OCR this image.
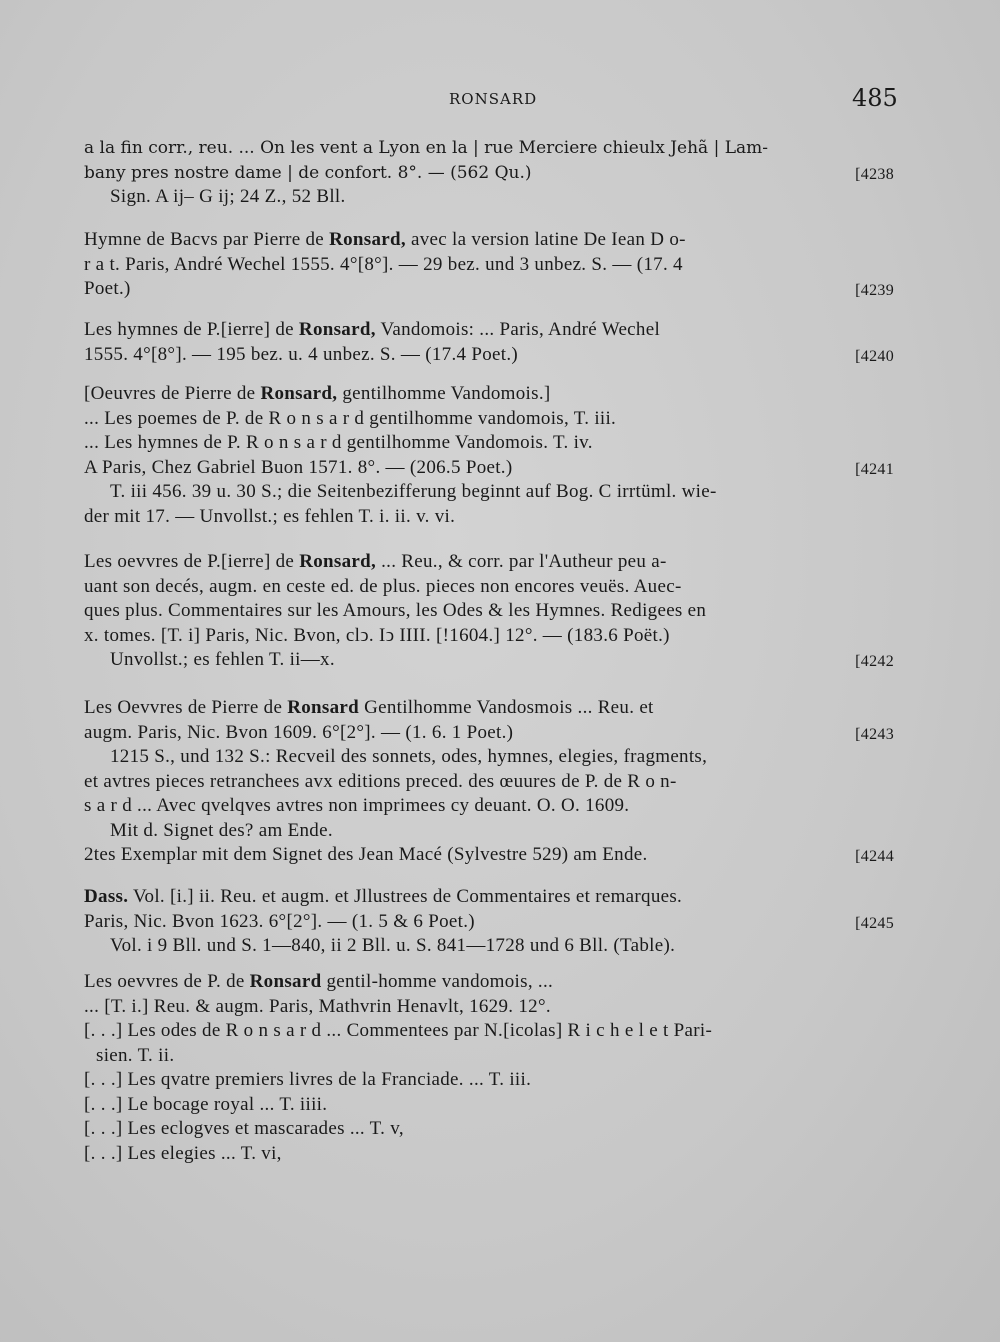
RONSARD	485
a la fin corr., reu. ... On les vent a Lyon en la | rue Merciere chieulx Jehã | Lam-
bany pres nostre dame | de confort. 8°. — (562 Qu.)	[4238
Sign. A ij– G ij; 24 Z., 52 Bll.
Hymne de Bacvs par Pierre de Ronsard, avec la version latine De Iean D o-
r a t. Paris, André Wechel 1555. 4°[8°]. — 29 bez. und 3 unbez. S. — (17. 4
Poet.)	[4239
Les hymnes de P.[ierre] de Ronsard, Vandomois: ... Paris, André Wechel
1555. 4°[8°]. — 195 bez. u. 4 unbez. S. — (17.4 Poet.)	[4240
[Oeuvres de Pierre de Ronsard, gentilhomme Vandomois.]
... Les poemes de P. de R o n s a r d gentilhomme vandomois, T. iii.
... Les hymnes de P. R o n s a r d gentilhomme Vandomois. T. iv.
A Paris, Chez Gabriel Buon 1571. 8°. — (206.5 Poet.)	[4241
T. iii 456. 39 u. 30 S.; die Seitenbezifferung beginnt auf Bog. C irrtüml. wie-
der mit 17. — Unvollst.; es fehlen T. i. ii. v. vi.
Les oevvres de P.[ierre] de Ronsard, ... Reu., & corr. par l'Autheur peu a-
uant son decés, augm. en ceste ed. de plus. pieces non encores veuës. Auec-
ques plus. Commentaires sur les Amours, les Odes & les Hymnes. Redigees en
x. tomes. [T. i] Paris, Nic. Bvon, clↄ. Iↄ IIII. [!1604.] 12°. — (183.6 Poët.)
Unvollst.; es fehlen T. ii—x.	[4242
Les Oevvres de Pierre de Ronsard Gentilhomme Vandosmois ... Reu. et
augm. Paris, Nic. Bvon 1609. 6°[2°]. — (1. 6. 1 Poet.)	[4243
1215 S., und 132 S.: Recveil des sonnets, odes, hymnes, elegies, fragments,
et avtres pieces retranchees avx editions preced. des œuures de P. de R o n-
s a r d ... Avec qvelqves avtres non imprimees cy deuant. O. O. 1609.
Mit d. Signet des? am Ende.
2tes Exemplar mit dem Signet des Jean Macé (Sylvestre 529) am Ende.	[4244
Dass. Vol. [i.] ii. Reu. et augm. et Jllustrees de Commentaires et remarques.
Paris, Nic. Bvon 1623. 6°[2°]. — (1. 5 & 6 Poet.)	[4245
Vol. i 9 Bll. und S. 1—840, ii 2 Bll. u. S. 841—1728 und 6 Bll. (Table).
Les oevvres de P. de Ronsard gentil-homme vandomois, ...
... [T. i.] Reu. & augm. Paris, Mathvrin Henavlt, 1629. 12°.
[. . .] Les odes de R o n s a r d ... Commentees par N.[icolas] R i c h e l e t Pari-
sien. T. ii.
[. . .] Les qvatre premiers livres de la Franciade. ... T. iii.
[. . .] Le bocage royal ... T. iiii.
[. . .] Les eclogves et mascarades ... T. v,
[. . .] Les elegies ... T. vi,
